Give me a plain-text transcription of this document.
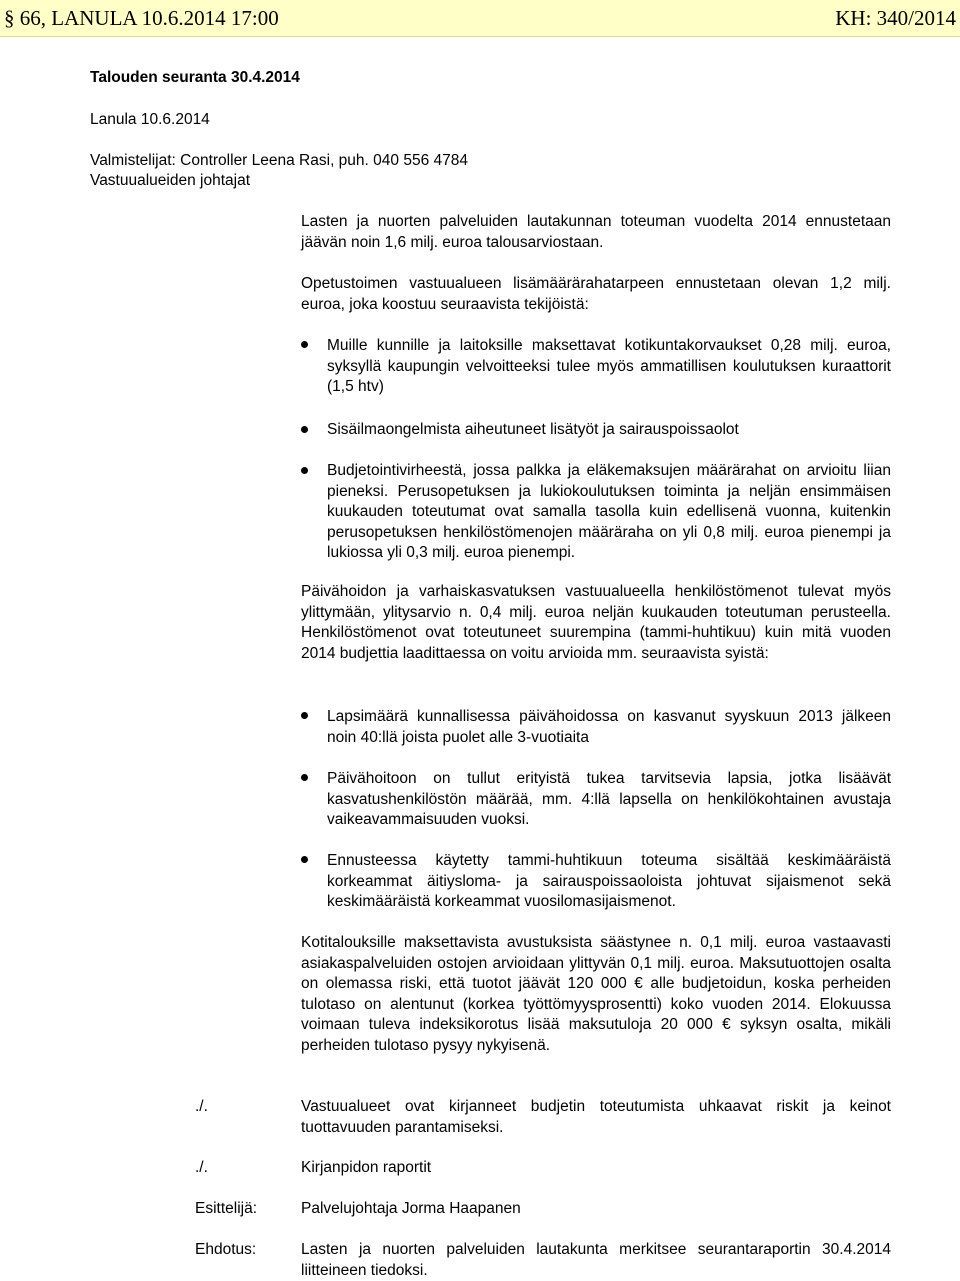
§ 66, LANULA 10.6.2014 17:00	KH: 340/2014
Talouden seuranta 30.4.2014
Lanula 10.6.2014
Valmistelijat: Controller Leena Rasi, puh. 040 556 4784
Vastuualueiden johtajat
Lasten ja nuorten palveluiden lautakunnan toteuman vuodelta 2014 ennustetaan jäävän noin 1,6 milj. euroa talousarviostaan.
Opetustoimen vastuualueen lisämäärärahatarpeen ennustetaan olevan 1,2 milj. euroa, joka koostuu seuraavista tekijöistä:
Muille kunnille ja laitoksille maksettavat kotikuntakorvaukset 0,28 milj. euroa, syksyllä kaupungin velvoitteeksi tulee myös ammatillisen koulutuksen kuraattorit (1,5 htv)
Sisäilmaongelmista aiheutuneet lisätyöt ja sairauspoissaolot
Budjetointivirheestä, jossa palkka ja eläkemaksujen määrärahat on arvioitu liian pieneksi. Perusopetuksen ja lukiokoulutuksen toiminta ja neljän ensimmäisen kuukauden toteutumat ovat samalla tasolla kuin edellisenä vuonna, kuitenkin perusopetuksen henkilöstömenojen määräraha on yli 0,8 milj. euroa pienempi ja lukiossa yli 0,3 milj. euroa pienempi.
Päivähoidon ja varhaiskasvatuksen vastuualueella henkilöstömenot tulevat myös ylittymään, ylitysarvio n. 0,4 milj. euroa neljän kuukauden toteutuman perusteella. Henkilöstömenot ovat toteutuneet suurempina (tammi-huhtikuu) kuin mitä vuoden 2014 budjettia laadittaessa on voitu arvioida mm. seuraavista syistä:
Lapsimäärä kunnallisessa päivähoidossa on kasvanut syyskuun 2013 jälkeen noin 40:llä joista puolet alle 3-vuotiaita
Päivähoitoon on tullut erityistä tukea tarvitsevia lapsia, jotka lisäävät kasvatushenkilöstön määrää, mm. 4:llä lapsella on henkilökohtainen avustaja vaikeavammaisuuden vuoksi.
Ennusteessa käytetty tammi-huhtikuun toteuma sisältää keskimääräistä korkeammat äitiysloma- ja sairauspoissaoloista johtuvat sijaismenot sekä keskimääräistä korkeammat vuosilomasijaismenot.
Kotitalouksille maksettavista avustuksista säästynee n. 0,1 milj. euroa vastaavasti asiakaspalveluiden ostojen arvioidaan ylittyvän 0,1 milj. euroa. Maksutuottojen osalta on olemassa riski, että tuotot jäävät 120 000 € alle budjetoidun, koska perheiden tulotaso on alentunut (korkea työttömyysprosentti) koko vuoden 2014. Elokuussa voimaan tuleva indeksikorotus lisää maksutuloja 20 000 € syksyn osalta, mikäli perheiden tulotaso pysyy nykyisenä.
./.	Vastuualueet ovat kirjanneet budjetin toteutumista uhkaavat riskit ja keinot tuottavuuden parantamiseksi.
./.	Kirjanpidon raportit
Esittelijä:	Palvelujohtaja Jorma Haapanen
Ehdotus:	Lasten ja nuorten palveluiden lautakunta merkitsee seurantaraportin 30.4.2014 liitteineen tiedoksi.
